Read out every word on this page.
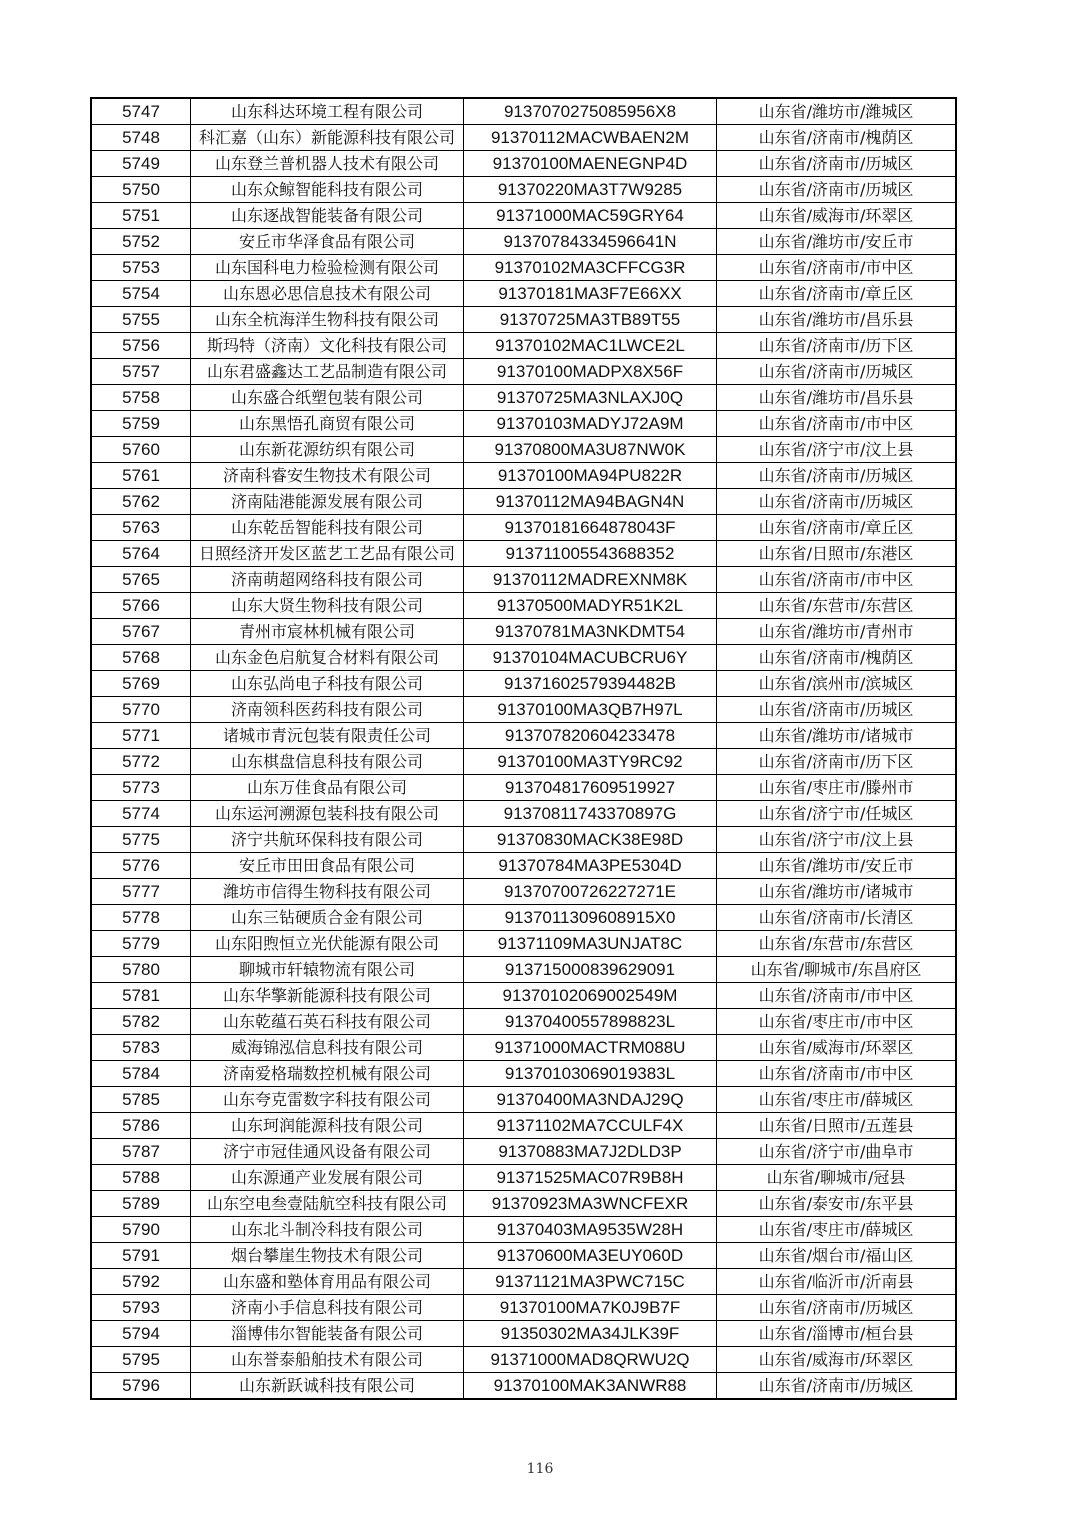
5747	山东科达环境工程有限公司	9137070275085956X8	山东省/潍坊市/潍城区
5748	科汇嘉（山东）新能源科技有限公司	91370112MACWBAEN2M	山东省/济南市/槐荫区
5749	山东登兰普机器人技术有限公司	91370100MAENEGNP4D	山东省/济南市/历城区
5750	山东众鲸智能科技有限公司	91370220MA3T7W9285	山东省/济南市/历城区
5751	山东逐战智能装备有限公司	91371000MAC59GRY64	山东省/威海市/环翠区
5752	安丘市华泽食品有限公司	91370784334596641N	山东省/潍坊市/安丘市
5753	山东国科电力检验检测有限公司	91370102MA3CFFCG3R	山东省/济南市/市中区
5754	山东恩必思信息技术有限公司	91370181MA3F7E66XX	山东省/济南市/章丘区
5755	山东全杭海洋生物科技有限公司	91370725MA3TB89T55	山东省/潍坊市/昌乐县
5756	斯玛特（济南）文化科技有限公司	91370102MAC1LWCE2L	山东省/济南市/历下区
5757	山东君盛鑫达工艺品制造有限公司	91370100MADPX8X56F	山东省/济南市/历城区
5758	山东盛合纸塑包装有限公司	91370725MA3NLAXJ0Q	山东省/潍坊市/昌乐县
5759	山东黑悟孔商贸有限公司	91370103MADYJ72A9M	山东省/济南市/市中区
5760	山东新花源纺织有限公司	91370800MA3U87NW0K	山东省/济宁市/汶上县
5761	济南科睿安生物技术有限公司	91370100MA94PU822R	山东省/济南市/历城区
5762	济南陆港能源发展有限公司	91370112MA94BAGN4N	山东省/济南市/历城区
5763	山东乾岳智能科技有限公司	91370181664878043F	山东省/济南市/章丘区
5764	日照经济开发区蓝艺工艺品有限公司	913711005543688352	山东省/日照市/东港区
5765	济南萌超网络科技有限公司	91370112MADREXNM8K	山东省/济南市/市中区
5766	山东大贤生物科技有限公司	91370500MADYR51K2L	山东省/东营市/东营区
5767	青州市宸林机械有限公司	91370781MA3NKDMT54	山东省/潍坊市/青州市
5768	山东金色启航复合材料有限公司	91370104MACUBCRU6Y	山东省/济南市/槐荫区
5769	山东弘尚电子科技有限公司	91371602579394482B	山东省/滨州市/滨城区
5770	济南领科医药科技有限公司	91370100MA3QB7H97L	山东省/济南市/历城区
5771	诸城市青沅包装有限责任公司	913707820604233478	山东省/潍坊市/诸城市
5772	山东棋盘信息科技有限公司	91370100MA3TY9RC92	山东省/济南市/历下区
5773	山东万佳食品有限公司	913704817609519927	山东省/枣庄市/滕州市
5774	山东运河溯源包装科技有限公司	91370811743370897G	山东省/济宁市/任城区
5775	济宁共航环保科技有限公司	91370830MACK38E98D	山东省/济宁市/汶上县
5776	安丘市田田食品有限公司	91370784MA3PE5304D	山东省/潍坊市/安丘市
5777	潍坊市信得生物科技有限公司	91370700726227271E	山东省/潍坊市/诸城市
5778	山东三钻硬质合金有限公司	9137011309608915X0	山东省/济南市/长清区
5779	山东阳煦恒立光伏能源有限公司	91371109MA3UNJAT8C	山东省/东营市/东营区
5780	聊城市轩辕物流有限公司	913715000839629091	山东省/聊城市/东昌府区
5781	山东华擎新能源科技有限公司	91370102069002549M	山东省/济南市/市中区
5782	山东乾蕴石英石科技有限公司	91370400557898823L	山东省/枣庄市/市中区
5783	威海锦泓信息科技有限公司	91371000MACTRM088U	山东省/威海市/环翠区
5784	济南爱格瑞数控机械有限公司	91370103069019383L	山东省/济南市/市中区
5785	山东夸克雷数字科技有限公司	91370400MA3NDAJ29Q	山东省/枣庄市/薛城区
5786	山东珂润能源科技有限公司	91371102MA7CCULF4X	山东省/日照市/五莲县
5787	济宁市冠佳通风设备有限公司	91370883MA7J2DLD3P	山东省/济宁市/曲阜市
5788	山东源通产业发展有限公司	91371525MAC07R9B8H	山东省/聊城市/冠县
5789	山东空电叁壹陆航空科技有限公司	91370923MA3WNCFEXR	山东省/泰安市/东平县
5790	山东北斗制冷科技有限公司	91370403MA9535W28H	山东省/枣庄市/薛城区
5791	烟台攀崖生物技术有限公司	91370600MA3EUY060D	山东省/烟台市/福山区
5792	山东盛和塾体育用品有限公司	91371121MA3PWC715C	山东省/临沂市/沂南县
5793	济南小手信息科技有限公司	91370100MA7K0J9B7F	山东省/济南市/历城区
5794	淄博伟尔智能装备有限公司	91350302MA34JLK39F	山东省/淄博市/桓台县
5795	山东誉泰船舶技术有限公司	91371000MAD8QRWU2Q	山东省/威海市/环翠区
5796	山东新跃诚科技有限公司	91370100MAK3ANWR88	山东省/济南市/历城区
116
